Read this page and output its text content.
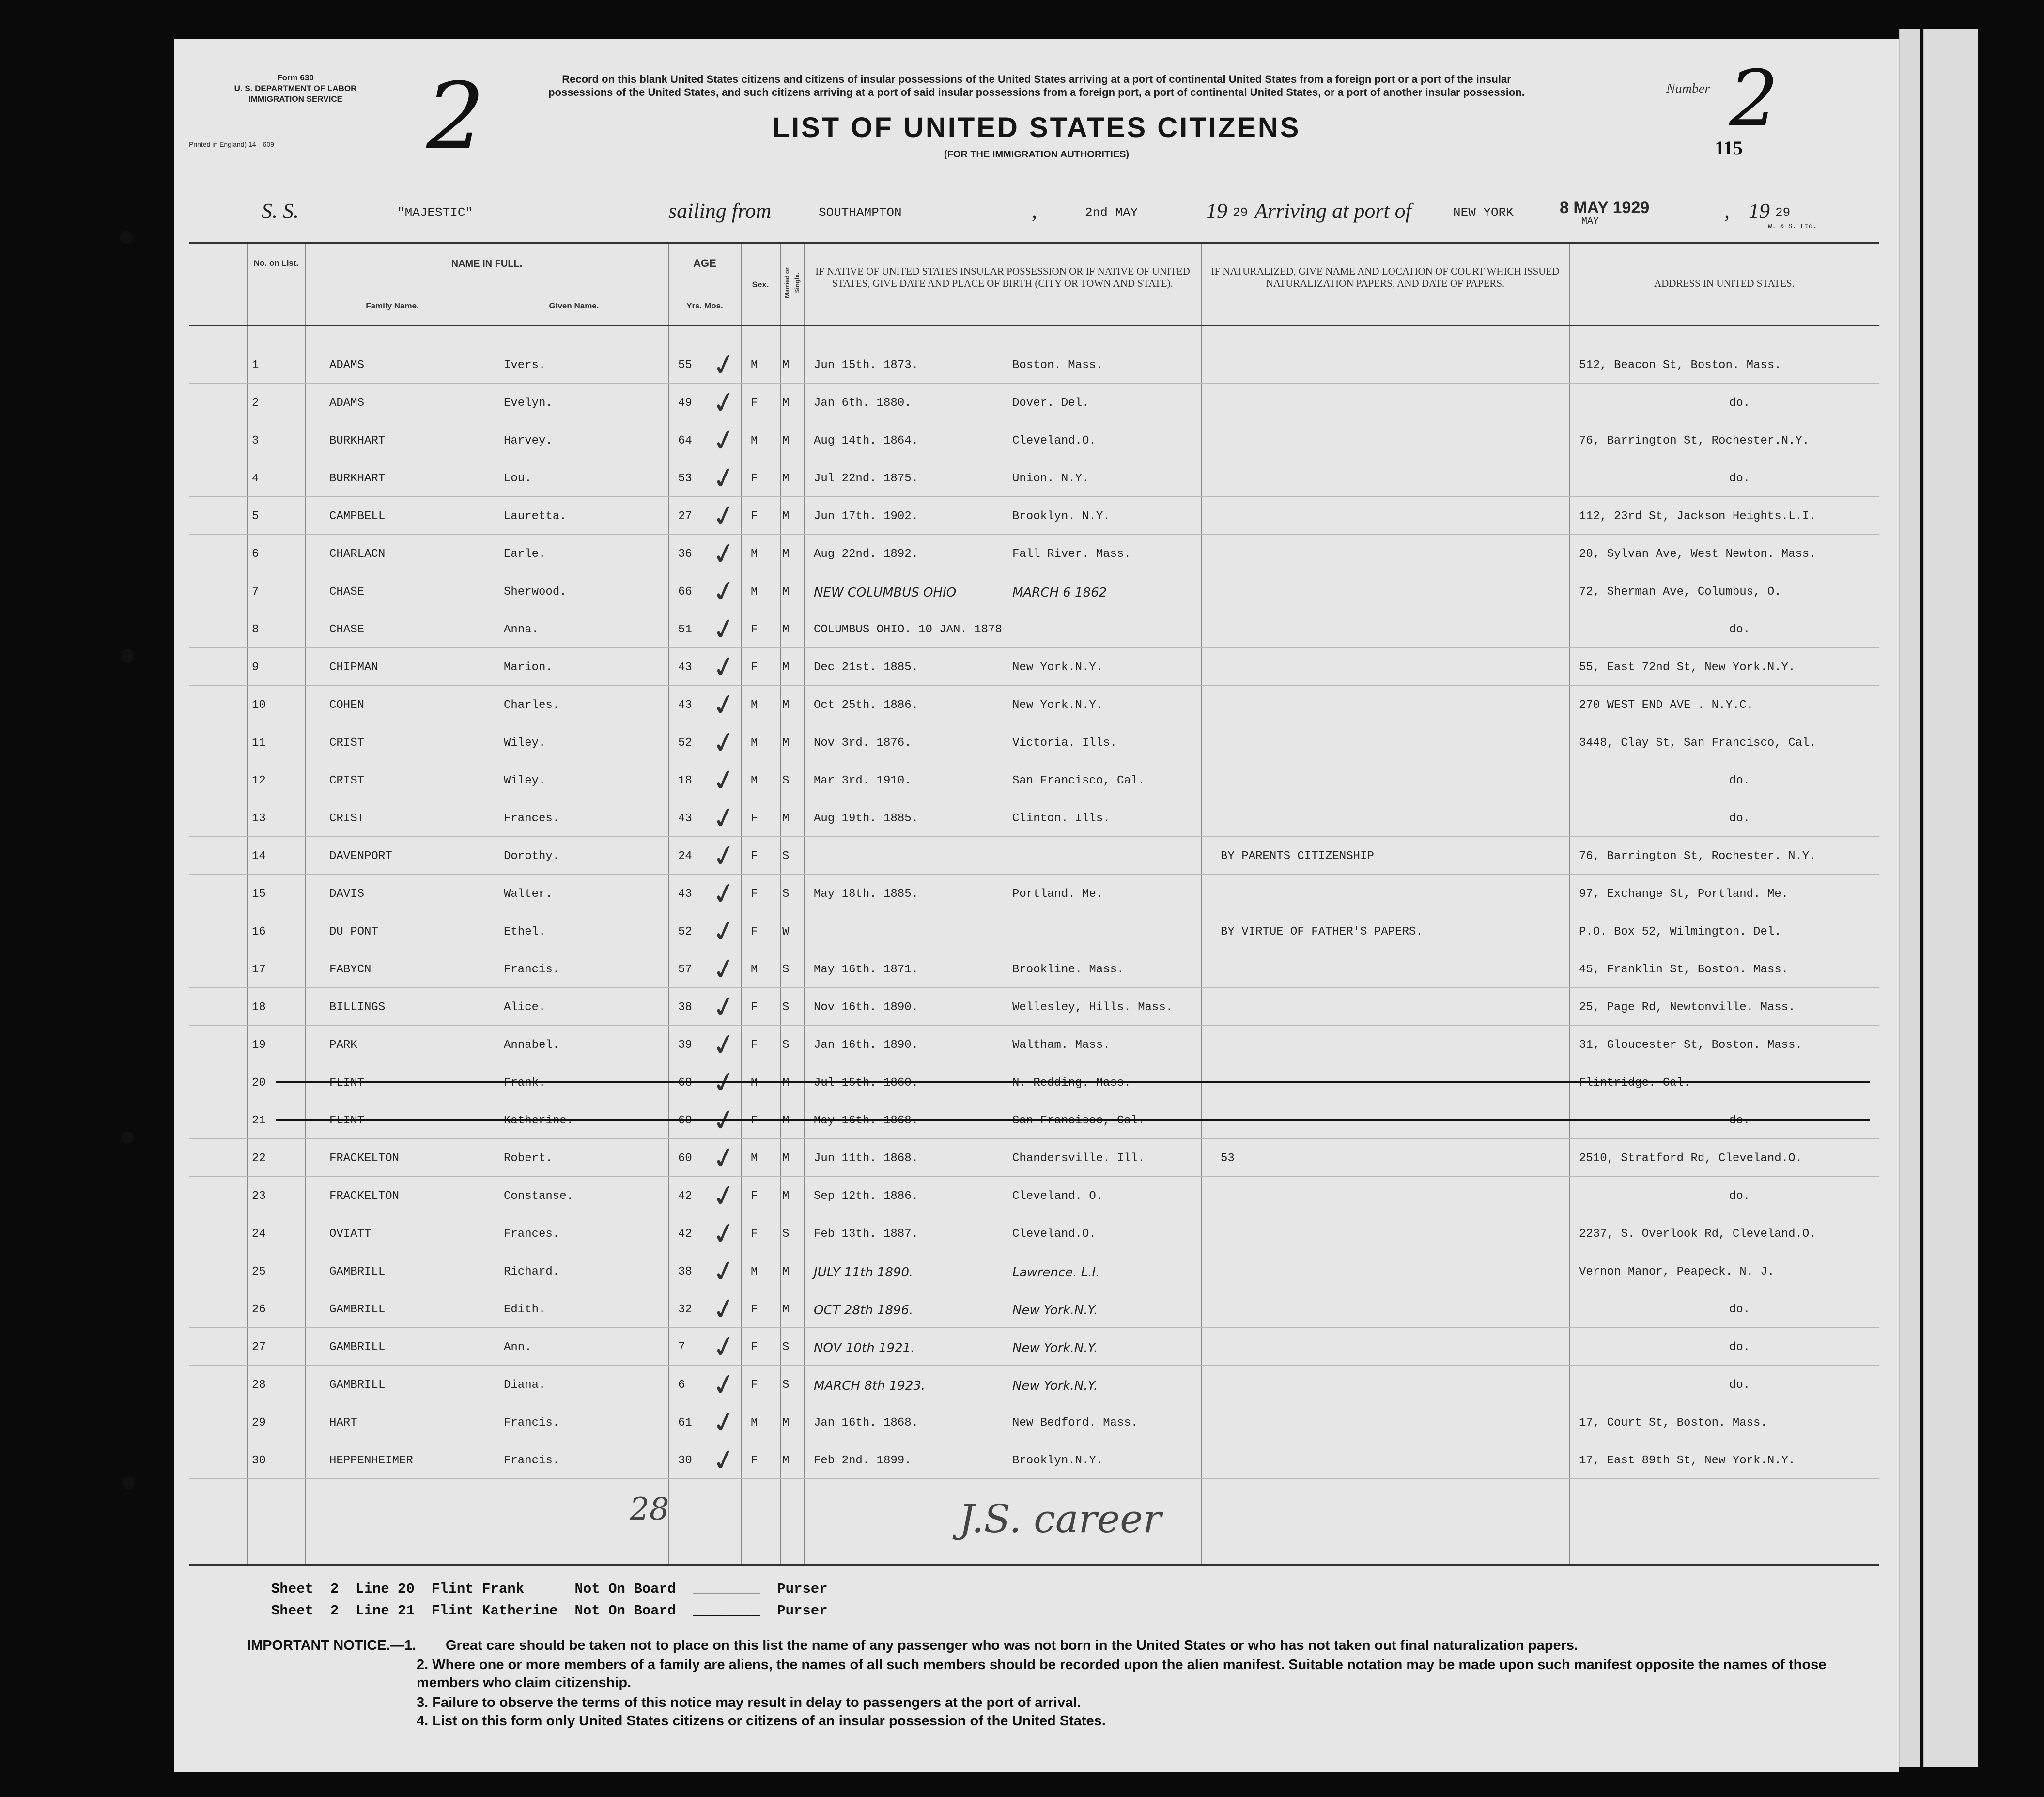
Form 630
U. S. DEPARTMENT OF LABOR
IMMIGRATION SERVICE
Printed in England) 14—609 2	Record on this blank United States citizens and citizens of insular possessions of the United States arriving at a port of continental United States from a foreign port or a port of the insular possessions of the United States, and such citizens arriving at a port of said insular possessions from a foreign port, a port of continental United States, or a port of another insular possession.
LIST OF UNITED STATES CITIZENS
(FOR THE IMMIGRATION AUTHORITIES)
Number 2
115
S. S.	"MAJESTIC"	sailing from	SOUTHAMPTON	,	2nd MAY	19 29 Arriving at port of	NEW YORK	8 MAY 1929
MAY	, 19 29
W. & S. Ltd.
No. on List.	NAME IN FULL.
Family Name.	Given Name.
AGE
Yrs. Mos.
Sex.	Married or Single.
IF NATIVE OF UNITED STATES INSULAR POSSESSION OR IF NATIVE OF UNITED STATES, GIVE DATE AND PLACE OF BIRTH (CITY OR TOWN AND STATE).
IF NATURALIZED, GIVE NAME AND LOCATION OF COURT WHICH ISSUED NATURALIZATION PAPERS, AND DATE OF PAPERS.	ADDRESS IN UNITED STATES.
1	ADAMS	Ivers.	55	M M Jun 15th. 1873.	Boston. Mass.	512, Beacon St, Boston. Mass.
✓
2	ADAMS	Evelyn.	49	F M Jan 6th. 1880.	Dover. Del.	do.
✓
3	BURKHART	Harvey.	64	M M Aug 14th. 1864.	Cleveland.O.	76, Barrington St, Rochester.N.Y.
✓
4	BURKHART	Lou.	53	F M Jul 22nd. 1875.	Union. N.Y.	do.
✓
5	CAMPBELL	Lauretta.	27	F M Jun 17th. 1902.	Brooklyn. N.Y.	112, 23rd St, Jackson Heights.L.I.
✓
6	CHARLACN	Earle.	36	M M Aug 22nd. 1892.	Fall River. Mass.	20, Sylvan Ave, West Newton. Mass.
✓
7	CHASE	Sherwood.	66	M M NEW COLUMBUS OHIO	MARCH 6 1862	72, Sherman Ave, Columbus, O.
✓
8	CHASE	Anna.	51	F M COLUMBUS OHIO. 10 JAN. 1878	do.
✓
9	CHIPMAN	Marion.	43	F M Dec 21st. 1885.	New York.N.Y.	55, East 72nd St, New York.N.Y.
✓
10	COHEN	Charles.	43	M M Oct 25th. 1886.	New York.N.Y.	270 WEST END AVE . N.Y.C.
✓
11	CRIST	Wiley.	52	M M Nov 3rd. 1876.	Victoria. Ills.	3448, Clay St, San Francisco, Cal.
✓
12	CRIST	Wiley.	18	M S Mar 3rd. 1910.	San Francisco, Cal.	do.
✓
13	CRIST	Frances.	43	F M Aug 19th. 1885.	Clinton. Ills.	do.
✓
14	DAVENPORT	Dorothy.	24	F S	BY PARENTS CITIZENSHIP	76, Barrington St, Rochester. N.Y.
✓
15	DAVIS	Walter.	43	F S May 18th. 1885.	Portland. Me.	97, Exchange St, Portland. Me.
✓
16	DU PONT	Ethel.	52	F W	BY VIRTUE OF FATHER'S PAPERS.	P.O. Box 52, Wilmington. Del.
✓
17	FABYCN	Francis.	57	M S May 16th. 1871.	Brookline. Mass.	45, Franklin St, Boston. Mass.
✓
18	BILLINGS	Alice.	38	F S Nov 16th. 1890.	Wellesley, Hills. Mass.	25, Page Rd, Newtonville. Mass.
✓
19	PARK	Annabel.	39	F S Jan 16th. 1890.	Waltham. Mass.	31, Gloucester St, Boston. Mass.
✓
20	FLINT	Frank.	68	M M Jul 15th. 1860.	N. Redding. Mass.	Flintridge. Cal.
✓
21	FLINT	Katherine.	60	F M May 16th. 1868.	San Francisco, Cal.	do.
✓
22	FRACKELTON	Robert.	60	M M Jun 11th. 1868.	Chandersville. Ill.	53	2510, Stratford Rd, Cleveland.O.
✓
23	FRACKELTON	Constanse.	42	F M Sep 12th. 1886.	Cleveland. O.	do.
✓
24	OVIATT	Frances.	42	F S Feb 13th. 1887.	Cleveland.O.	2237, S. Overlook Rd, Cleveland.O.
✓
25	GAMBRILL	Richard.	38	M M JULY 11th 1890.	Lawrence. L.I.	Vernon Manor, Peapeck. N. J.
✓
26	GAMBRILL	Edith.	32	F M OCT 28th 1896.	New York.N.Y.	do.
✓
27	GAMBRILL	Ann.	7	F S NOV 10th 1921.	New York.N.Y.	do.
✓
28	GAMBRILL	Diana.	6	F S MARCH 8th 1923.	New York.N.Y.	do.
✓
29	HART	Francis.	61	M M Jan 16th. 1868.	New Bedford. Mass.	17, Court St, Boston. Mass.
✓
30	HEPPENHEIMER	Francis.	30	F M Feb 2nd. 1899.	Brooklyn.N.Y.	17, East 89th St, New York.N.Y.
✓
28	J.S. career
Sheet  2  Line 20  Flint Frank      Not On Board  ________  Purser
Sheet  2  Line 21  Flint Katherine  Not On Board  ________  Purser
IMPORTANT NOTICE.—1. Great care should be taken not to place on this list the name of any passenger who was not born in the United States or who has not taken out final naturalization papers.
2. Where one or more members of a family are aliens, the names of all such members should be recorded upon the alien manifest. Suitable notation may be made upon such manifest opposite the names of those members who claim citizenship.
3. Failure to observe the terms of this notice may result in delay to passengers at the port of arrival.
4. List on this form only United States citizens or citizens of an insular possession of the United States.
